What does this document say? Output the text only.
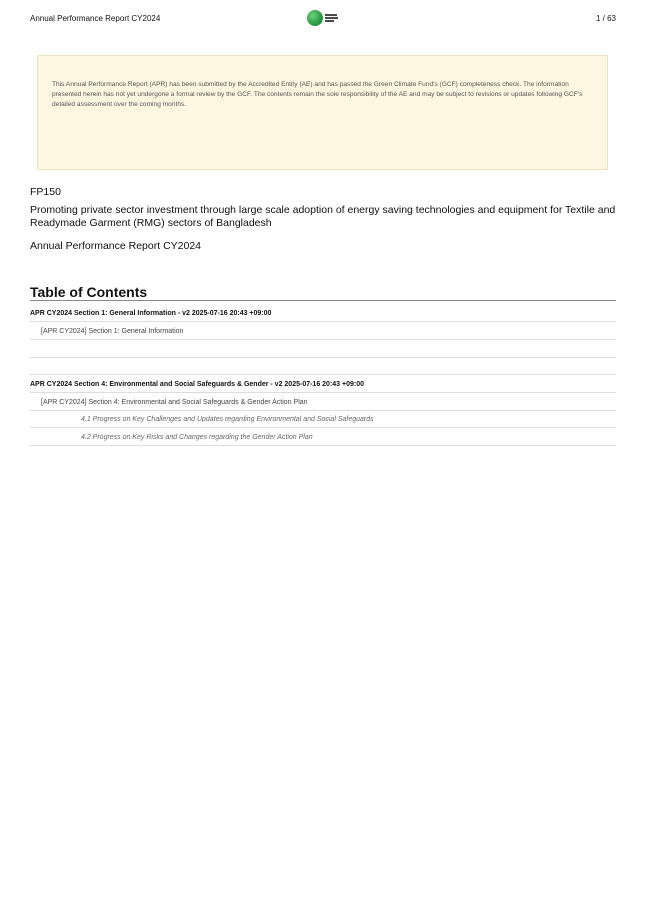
Annual Performance Report CY2024	1 / 63
This Annual Performance Report (APR) has been submitted by the Accredited Entity (AE) and has passed the Green Climate Fund's (GCF) completeness check. The information presented herein has not yet undergone a formal review by the GCF. The contents remain the sole responsibility of the AE and may be subject to revisions or updates following GCF's detailed assessment over the coming months.
FP150
Promoting private sector investment through large scale adoption of energy saving technologies and equipment for Textile and Readymade Garment (RMG) sectors of Bangladesh
Annual Performance Report CY2024
Table of Contents
APR CY2024 Section 1: General Information - v2 2025-07-16 20:43 +09:00
[APR CY2024] Section 1: General Information
APR CY2024 Section 4: Environmental and Social Safeguards & Gender - v2 2025-07-16 20:43 +09:00
[APR CY2024] Section 4: Environmental and Social Safeguards & Gender Action Plan
4.1 Progress on Key Challenges and Updates regarding Environmental and Social Safeguards
4.2 Progress on Key Risks and Changes regarding the Gender Action Plan
